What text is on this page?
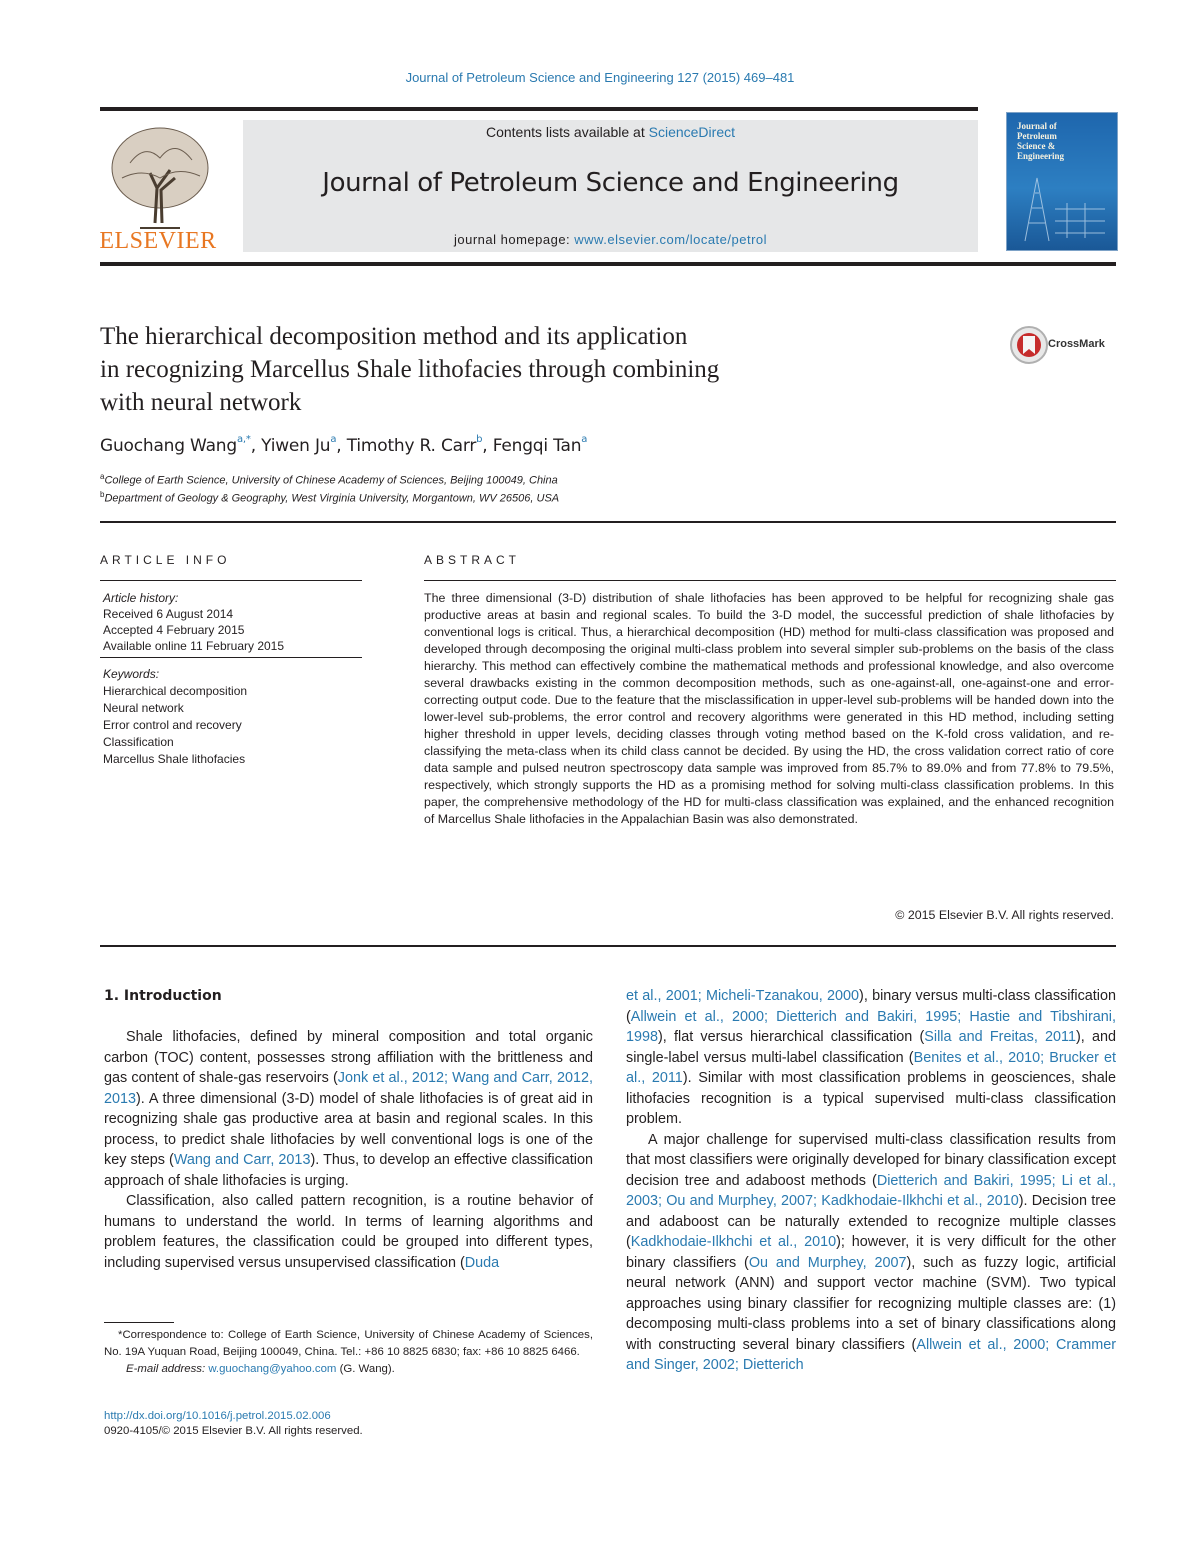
Journal of Petroleum Science and Engineering 127 (2015) 469–481
ELSEVIER
Contents lists available at ScienceDirect
Journal of Petroleum Science and Engineering
journal homepage: www.elsevier.com/locate/petrol
Journal of
Petroleum
Science &
Engineering
The hierarchical decomposition method and its application
in recognizing Marcellus Shale lithofacies through combining
with neural network
CrossMark
Guochang Wang$^{a,*}$, Yiwen Ju$^a$, Timothy R. Carr$^b$, Fengqi Tan$^a$
$^a$College of Earth Science, University of Chinese Academy of Sciences, Beijing 100049, China
$^b$Department of Geology & Geography, West Virginia University, Morgantown, WV 26506, USA
ARTICLE INFO
Article history:
Received 6 August 2014
Accepted 4 February 2015
Available online 11 February 2015
Keywords:
Hierarchical decomposition
Neural network
Error control and recovery
Classification
Marcellus Shale lithofacies
ABSTRACT
The three dimensional (3-D) distribution of shale lithofacies has been approved to be helpful for recognizing shale gas productive areas at basin and regional scales. To build the 3-D model, the successful prediction of shale lithofacies by conventional logs is critical. Thus, a hierarchical decomposition (HD) method for multi-class classification was proposed and developed through decomposing the original multi-class problem into several simpler sub-problems on the basis of the class hierarchy. This method can effectively combine the mathematical methods and professional knowledge, and also overcome several drawbacks existing in the common decomposition methods, such as one-against-all, one-against-one and error-correcting output code. Due to the feature that the misclassification in upper-level sub-problems will be handed down into the lower-level sub-problems, the error control and recovery algorithms were generated in this HD method, including setting higher threshold in upper levels, deciding classes through voting method based on the K-fold cross validation, and re-classifying the meta-class when its child class cannot be decided. By using the HD, the cross validation correct ratio of core data sample and pulsed neutron spectroscopy data sample was improved from 85.7% to 89.0% and from 77.8% to 79.5%, respectively, which strongly supports the HD as a promising method for solving multi-class classification problems. In this paper, the comprehensive methodology of the HD for multi-class classification was explained, and the enhanced recognition of Marcellus Shale lithofacies in the Appalachian Basin was also demonstrated.
© 2015 Elsevier B.V. All rights reserved.
1. Introduction

Shale lithofacies, defined by mineral composition and total organic carbon (TOC) content, possesses strong affiliation with the brittleness and gas content of shale-gas reservoirs (Jonk et al., 2012; Wang and Carr, 2012, 2013). A three dimensional (3-D) model of shale lithofacies is of great aid in recognizing shale gas productive area at basin and regional scales. In this process, to predict shale lithofacies by well conventional logs is one of the key steps (Wang and Carr, 2013). Thus, to develop an effective classification approach of shale lithofacies is urging.

Classification, also called pattern recognition, is a routine behavior of humans to understand the world. In terms of learning algorithms and problem features, the classification could be grouped into different types, including supervised versus unsupervised classification (Duda

et al., 2001; Micheli-Tzanakou, 2000), binary versus multi-class classification (Allwein et al., 2000; Dietterich and Bakiri, 1995; Hastie and Tibshirani, 1998), flat versus hierarchical classification (Silla and Freitas, 2011), and single-label versus multi-label classification (Benites et al., 2010; Brucker et al., 2011). Similar with most classification problems in geosciences, shale lithofacies recognition is a typical supervised multi-class classification problem.

A major challenge for supervised multi-class classification results from that most classifiers were originally developed for binary classification except decision tree and adaboost methods (Dietterich and Bakiri, 1995; Li et al., 2003; Ou and Murphey, 2007; Kadkhodaie-Ilkhchi et al., 2010). Decision tree and adaboost can be naturally extended to recognize multiple classes (Kadkhodaie-Ilkhchi et al., 2010); however, it is very difficult for the other binary classifiers (Ou and Murphey, 2007), such as fuzzy logic, artificial neural network (ANN) and support vector machine (SVM). Two typical approaches using binary classifier for recognizing multiple classes are: (1) decomposing multi-class problems into a set of binary classifications along with constructing several binary classifiers (Allwein et al., 2000; Crammer and Singer, 2002; Dietterich

*Correspondence to: College of Earth Science, University of Chinese Academy of Sciences, No. 19A Yuquan Road, Beijing 100049, China. Tel.: +86 10 8825 6830; fax: +86 10 8825 6466.
E-mail address: w.guochang@yahoo.com (G. Wang).
http://dx.doi.org/10.1016/j.petrol.2015.02.006
0920-4105/© 2015 Elsevier B.V. All rights reserved.
